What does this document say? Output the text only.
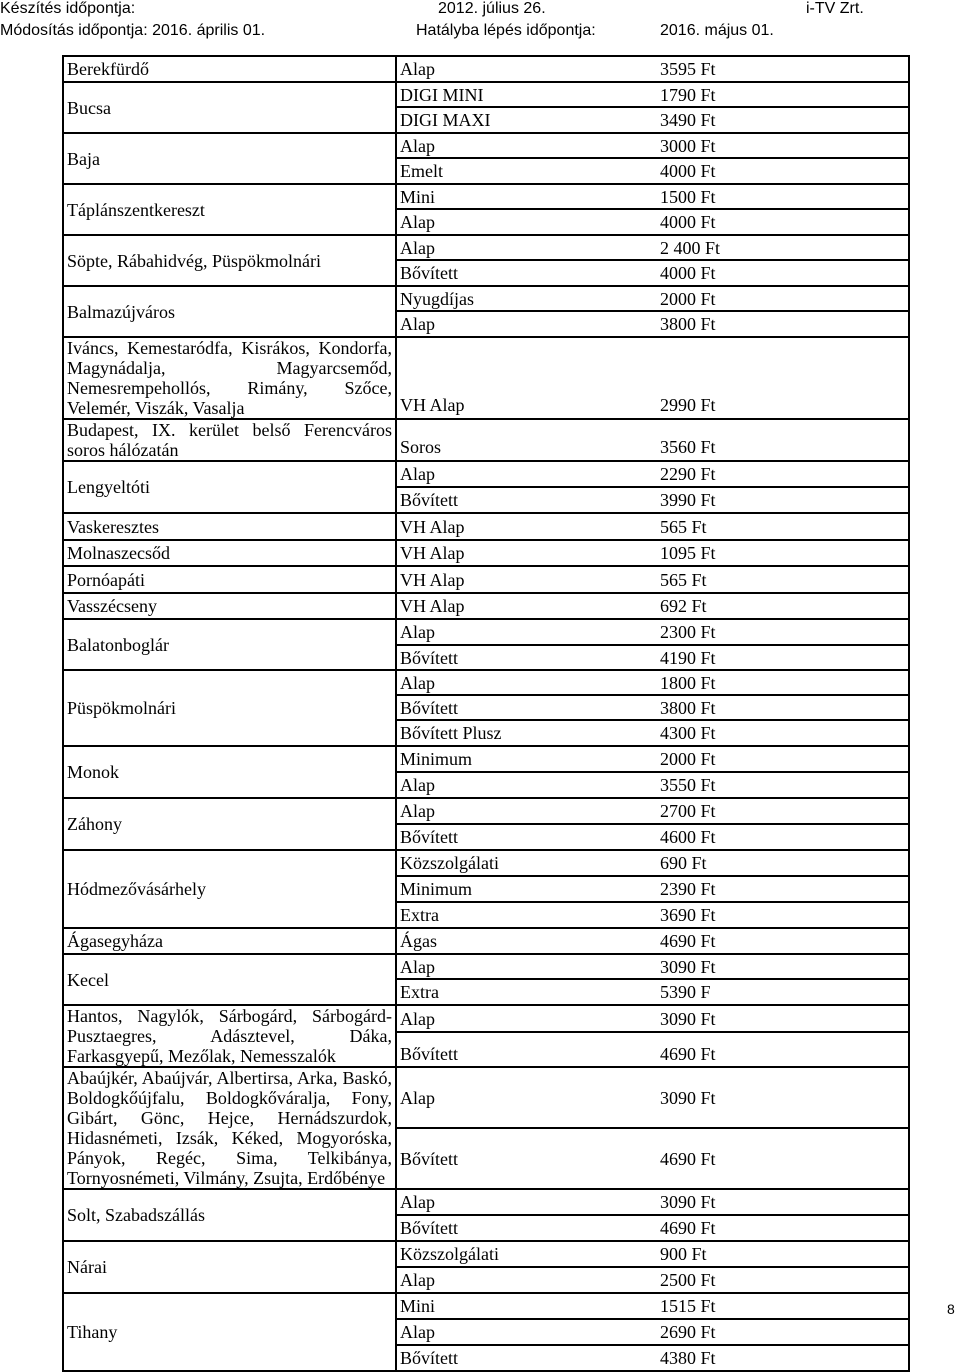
Készítés időpontja:	2012. július 26.	i-TV Zrt.
Módosítás időpontja: 2016. április 01.	Hatályba lépés időpontja:	2016. május 01.
Berekfürdő	Alap	3595 Ft
Bucsa	DIGI MINI	1790 Ft
	DIGI MAXI	3490 Ft
Baja	Alap	3000 Ft
	Emelt	4000 Ft
Táplánszentkereszt	Mini	1500 Ft
	Alap	4000 Ft
Söpte, Rábahidvég, Püspökmolnári	Alap	2 400 Ft
	Bővített	4000 Ft
Balmazújváros	Nyugdíjas	2000 Ft
	Alap	3800 Ft
Iváncs, Kemestaródfa, Kisrákos, Kondorfa, Magynádalja, Magyarcsemőd, Nemesrempehollós, Rimány, Szőce, Velemér, Viszák, Vasalja	VH Alap	2990 Ft
Budapest, IX. kerület belső Ferencváros soros hálózatán	Soros	3560 Ft
Lengyeltóti	Alap	2290 Ft
	Bővített	3990 Ft
Vaskeresztes	VH Alap	565 Ft
Molnaszecsőd	VH Alap	1095 Ft
Pornóapáti	VH Alap	565 Ft
Vasszécseny	VH Alap	692 Ft
Balatonboglár	Alap	2300 Ft
	Bővített	4190 Ft
Püspökmolnári	Alap	1800 Ft
	Bővített	3800 Ft
	Bővített Plusz	4300 Ft
Monok	Minimum	2000 Ft
	Alap	3550 Ft
Záhony	Alap	2700 Ft
	Bővített	4600 Ft
Hódmezővásárhely	Közszolgálati	690 Ft
	Minimum	2390 Ft
	Extra	3690 Ft
Ágasegyháza	Ágas	4690 Ft
Kecel	Alap	3090 Ft
	Extra	5390 F
Hantos, Nagylók, Sárbogárd, Sárbogárd-Pusztaegres, Adásztevel, Dáka, Farkasgyepű, Mezőlak, Nemesszalók	Alap	3090 Ft
	Bővített	4690 Ft
Abaújkér, Abaújvár, Albertirsa, Arka, Baskó, Boldogkőújfalu, Boldogkőváralja, Fony, Gibárt, Gönc, Hejce, Hernádszurdok, Hidasnémeti, Izsák, Kéked, Mogyoróska, Pányok, Regéc, Sima, Telkibánya, Tornyosnémeti, Vilmány, Zsujta, Erdőbénye	Alap	3090 Ft
	Bővített	4690 Ft
Solt, Szabadszállás	Alap	3090 Ft
	Bővített	4690 Ft
Nárai	Közszolgálati	900 Ft
	Alap	2500 Ft
Tihany	Mini	1515 Ft
	Alap	2690 Ft
	Bővített	4380 Ft
8
